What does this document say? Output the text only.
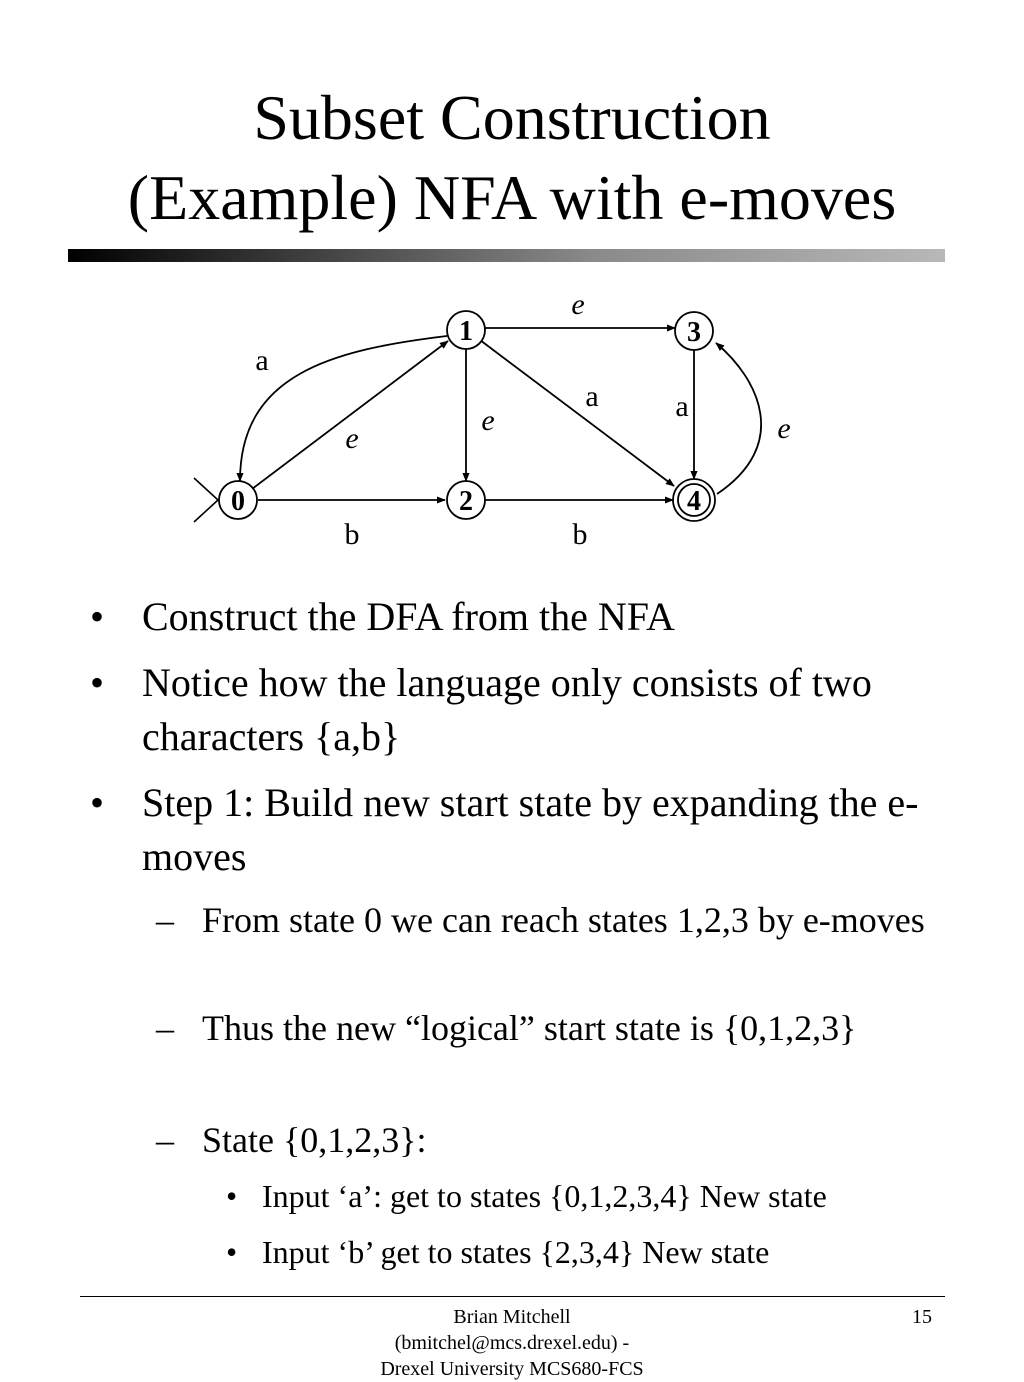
Subset Construction
(Example) NFA with e-moves
0
1
2
3
4
a
e
e
e
a	a
e
b	b
• Construct the DFA from the NFA
• Notice how the language only consists of two characters {a,b}
• Step 1: Build new start state by expanding the e-moves
– From state 0 we can reach states 1,2,3 by e-moves
– Thus the new “logical” start state is {0,1,2,3}
– State {0,1,2,3}:
• Input ‘a’: get to states {0,1,2,3,4} New state
• Input ‘b’ get to states {2,3,4} New state
Brian Mitchell
(bmitchel@mcs.drexel.edu) -
Drexel University MCS680-FCS
15
